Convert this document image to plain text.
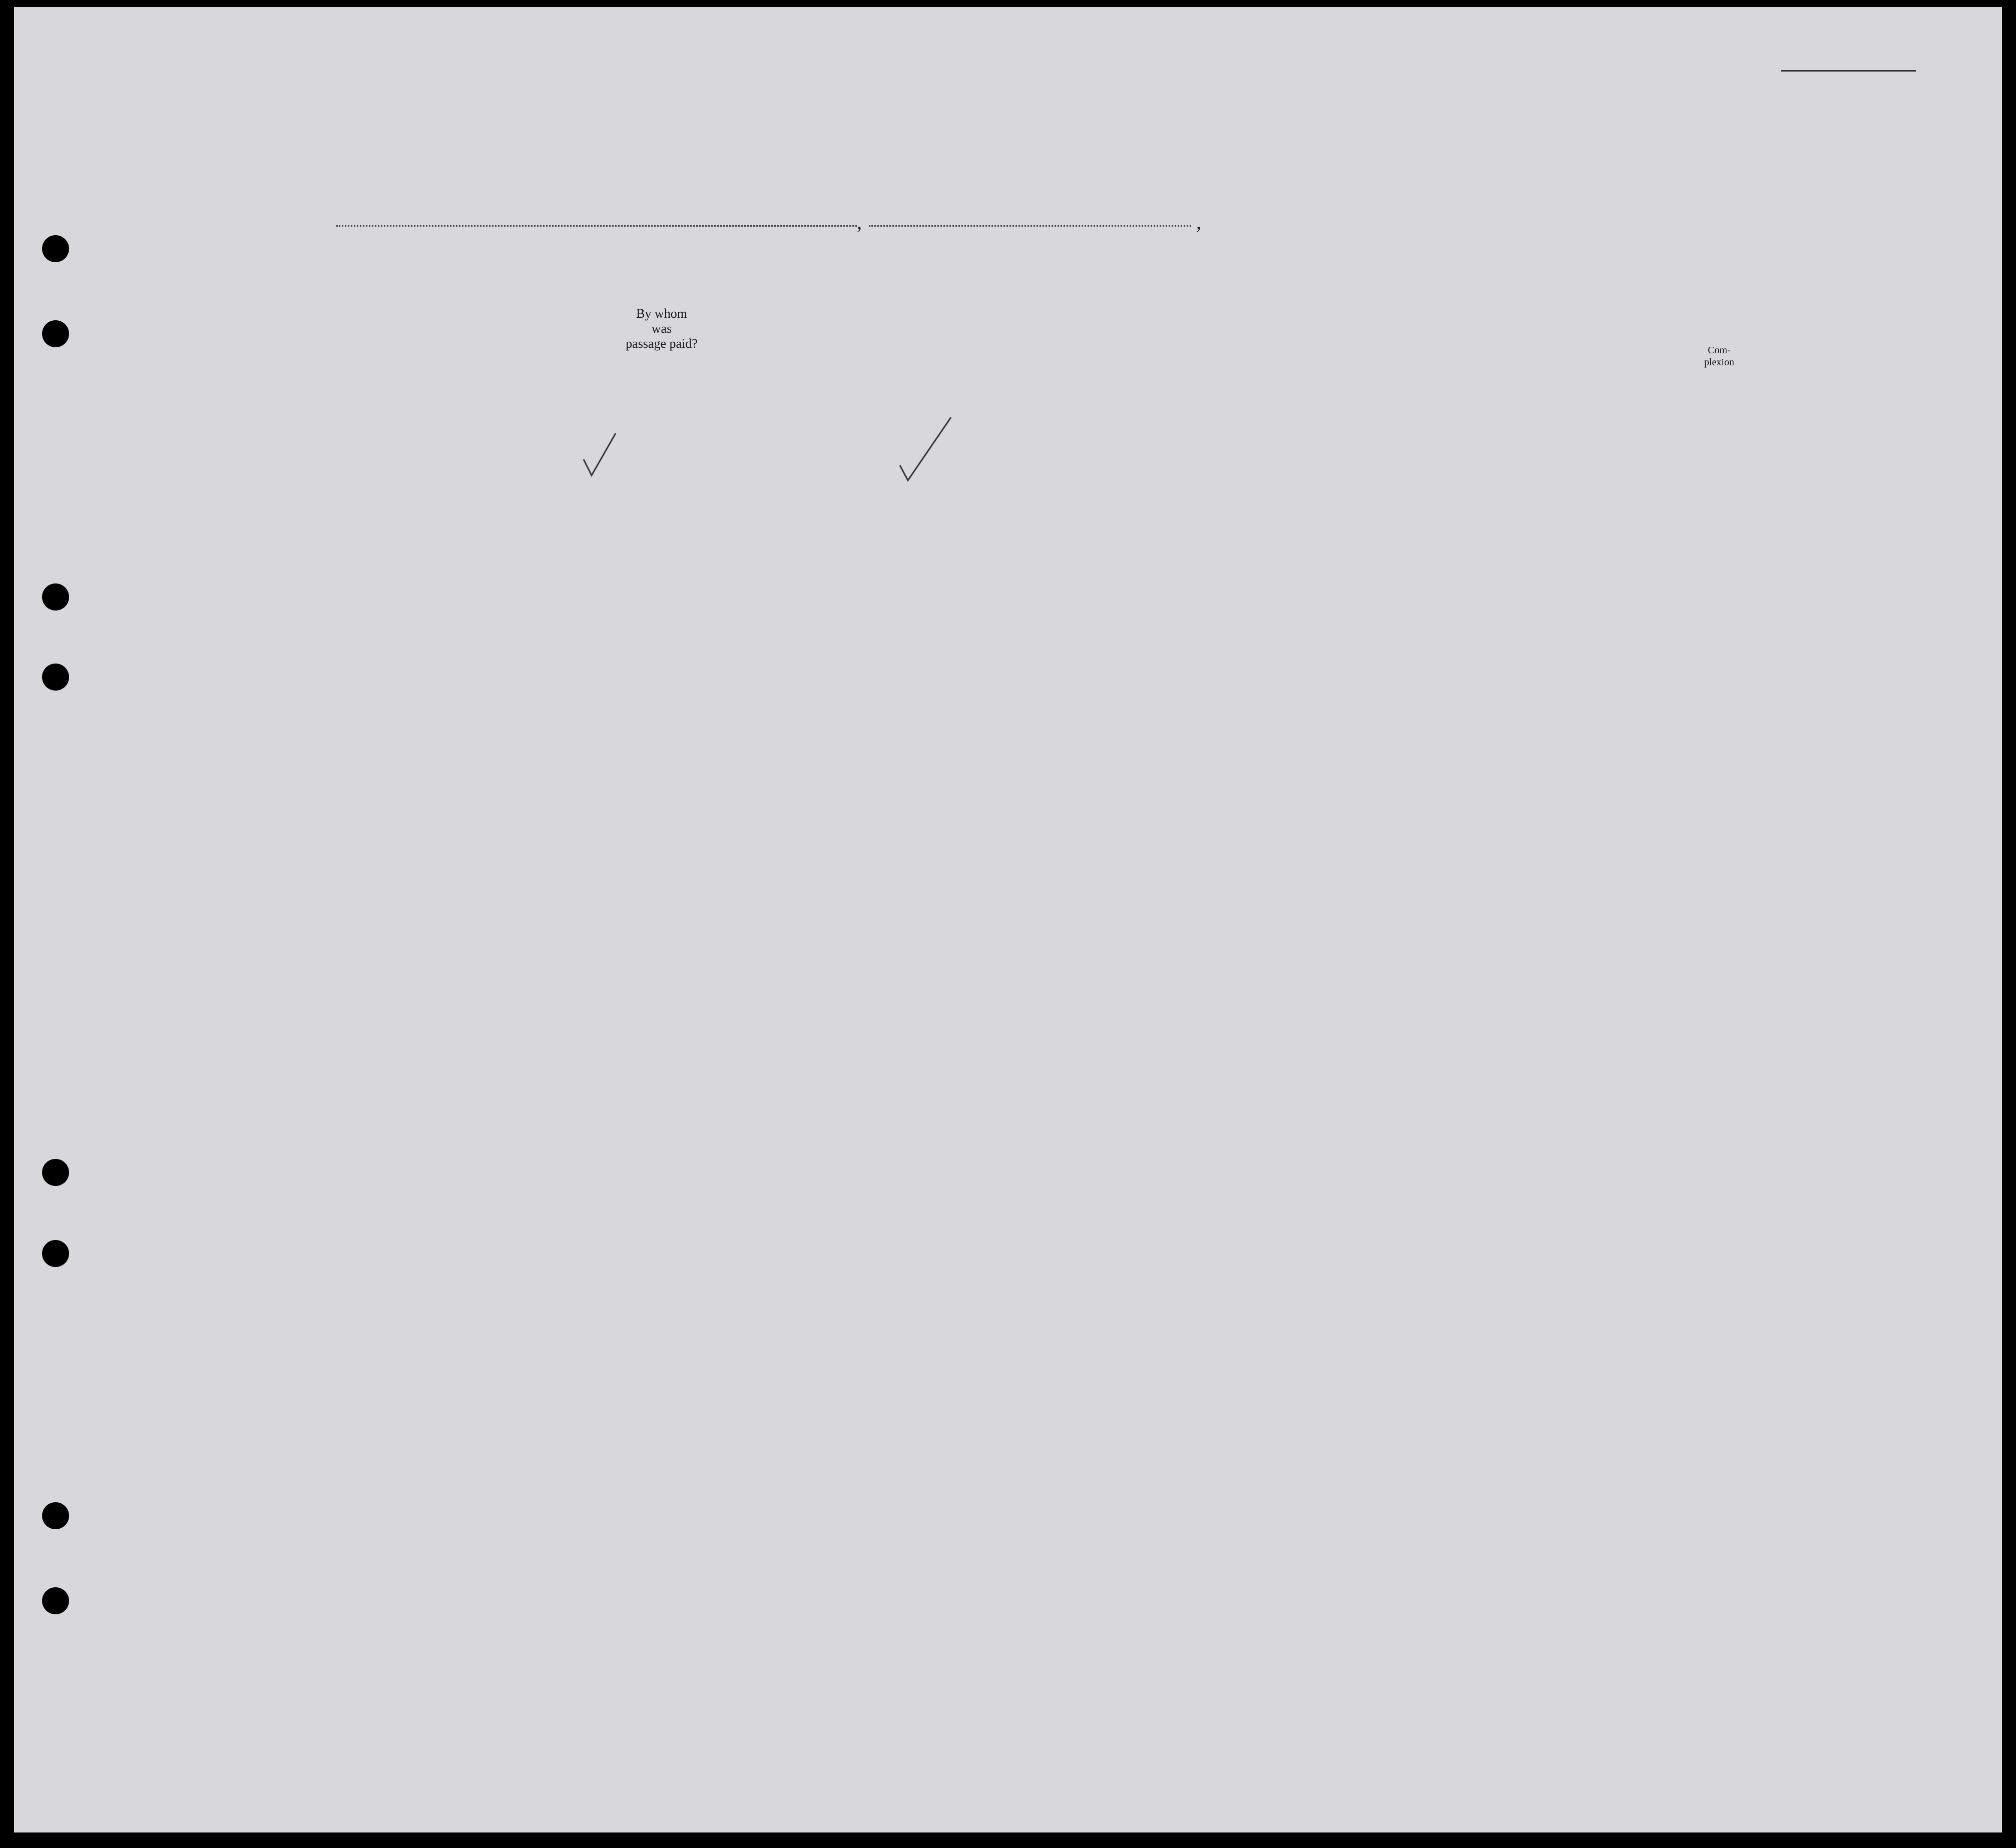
,	,
By whom
was
passage paid?	Com-
plexion
